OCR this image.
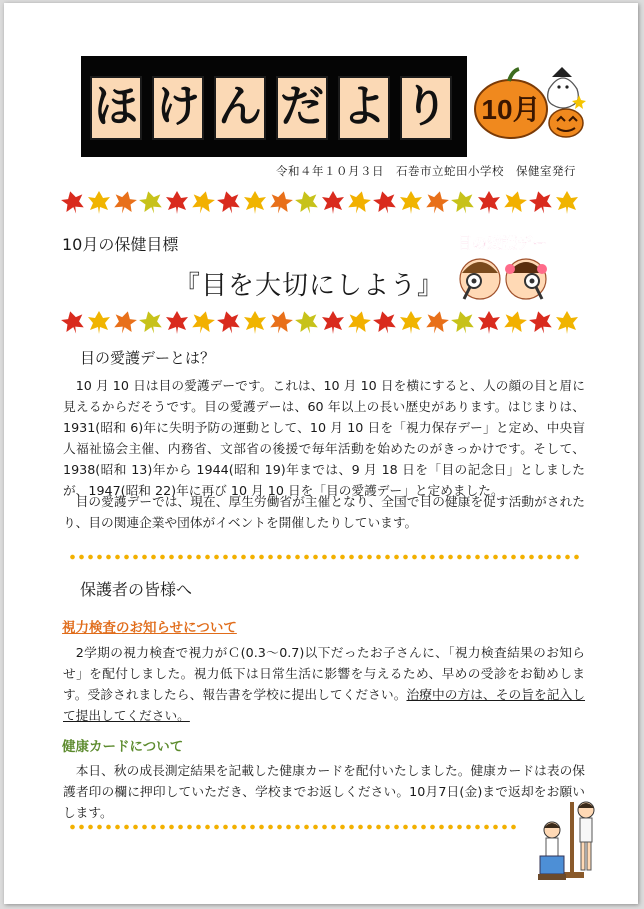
ほ け ん だ よ り 10月
令和４年１０月３日　石巻市立蛇田小学校　保健室発行
10月の保健目標
『目を大切にしよう』
目の愛護デー
目の愛護デーとは？

10 月 10 日は目の愛護デーです。これは、10 月 10 日を横にすると、人の顔の目と眉に見えるからだそうです。目の愛護デーは、60 年以上の長い歴史があります。はじまりは、1931(昭和 6)年に失明予防の運動として、10 月 10 日を「視力保存デー」と定め、中央盲人福祉協会主催、内務省、文部省の後援で毎年活動を始めたのがきっかけです。そして、1938(昭和 13)年から 1944(昭和 19)年までは、9 月 18 日を「目の記念日」としましたが、1947(昭和 22)年に再び 10 月 10 日を「目の愛護デー」と定めました。

目の愛護デーでは、現在、厚生労働省が主催となり、全国で目の健康を促す活動がされたり、目の関連企業や団体がイベントを開催したりしています。

保護者の皆様へ
視力検査のお知らせについて

2学期の視力検査で視力がＣ(0.3～0.7)以下だったお子さんに、「視力検査結果のお知らせ」を配付しました。視力低下は日常生活に影響を与えるため、早めの受診をお勧めします。受診されましたら、報告書を学校に提出してください。治療中の方は、その旨を記入して提出してください。

健康カードについて

本日、秋の成長測定結果を記載した健康カードを配付いたしました。健康カードは表の保護者印の欄に押印していただき、学校までお返しください。10月7日(金)まで返却をお願いします。
